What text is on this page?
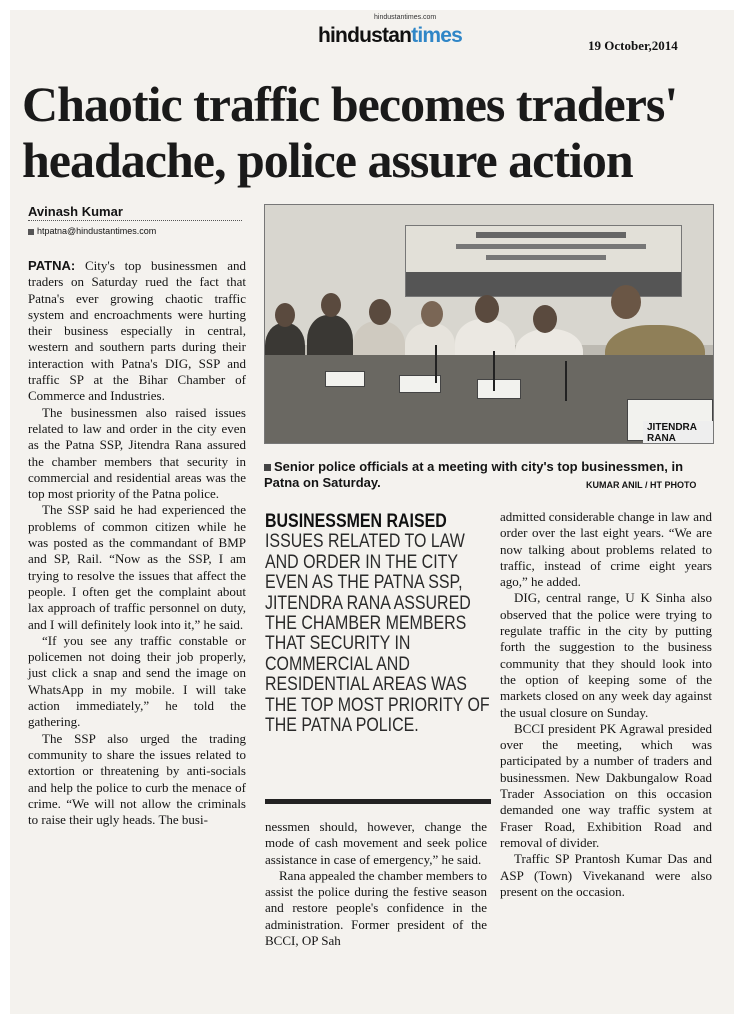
hindustantimes.com
hindustantimes	19 October,2014
Chaotic traffic becomes traders' headache, police assure action
Avinash Kumar
htpatna@hindustantimes.com

PATNA: City's top businessmen and traders on Saturday rued the fact that Patna's ever growing chaotic traffic system and encroachments were hurting their business especially in central, western and southern parts during their interaction with Patna's DIG, SSP and traffic SP at the Bihar Chamber of Commerce and Industries.

The businessmen also raised issues related to law and order in the city even as the Patna SSP, Jitendra Rana assured the chamber members that security in commercial and residential areas was the top most priority of the Patna police.

The SSP said he had experienced the problems of common citizen while he was posted as the commandant of BMP and SP, Rail. “Now as the SSP, I am trying to resolve the issues that affect the people. I often get the complaint about lax approach of traffic personnel on duty, and I will definitely look into it,” he said.

“If you see any traffic constable or policemen not doing their job properly, just click a snap and send the image on WhatsApp in my mobile. I will take action immediately,” he told the gathering.

The SSP also urged the trading community to share the issues related to extortion or threatening by anti-socials and help the police to curb the menace of crime. “We will not allow the criminals to raise their ugly heads. The busi-

JITENDRA RANA
Senior police officials at a meeting with city's top businessmen, in Patna on Saturday.	KUMAR ANIL / HT PHOTO
BUSINESSMEN RAISED ISSUES RELATED TO LAW AND ORDER IN THE CITY EVEN AS THE PATNA SSP, JITENDRA RANA ASSURED THE CHAMBER MEMBERS THAT SECURITY IN COMMERCIAL AND RESIDENTIAL AREAS WAS THE TOP MOST PRIORITY OF THE PATNA POLICE.

nessmen should, however, change the mode of cash movement and seek police assistance in case of emergency,” he said.

Rana appealed the chamber members to assist the police during the festive season and restore people's confidence in the administration. Former president of the BCCI, OP Sah

admitted considerable change in law and order over the last eight years. “We are now talking about problems related to traffic, instead of crime eight years ago,” he added.

DIG, central range, U K Sinha also observed that the police were trying to regulate traffic in the city by putting forth the suggestion to the business community that they should look into the option of keeping some of the markets closed on any week day against the usual closure on Sunday.

BCCI president PK Agrawal presided over the meeting, which was participated by a number of traders and businessmen. New Dakbungalow Road Trader Association on this occasion demanded one way traffic system at Fraser Road, Exhibition Road and removal of divider.

Traffic SP Prantosh Kumar Das and ASP (Town) Vivekanand were also present on the occasion.
